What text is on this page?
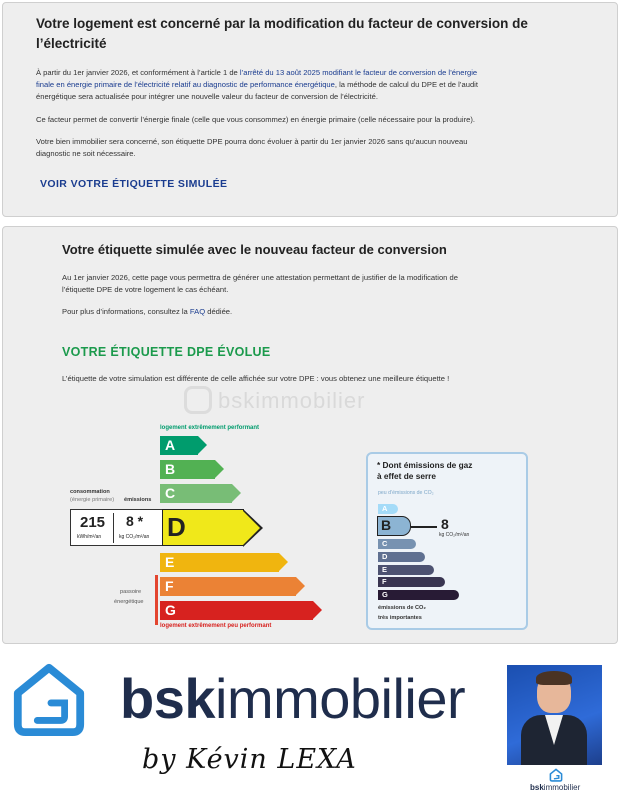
Votre logement est concerné par la modification du facteur de conversion de
l’électricité
À partir du 1er janvier 2026, et conformément à l’article 1 de l’arrêté du 13 août 2025 modifiant le facteur de conversion de l’énergie
finale en énergie primaire de l’électricité relatif au diagnostic de performance énergétique, la méthode de calcul du DPE et de l’audit
énergétique sera actualisée pour intégrer une nouvelle valeur du facteur de conversion de l’électricité.
Ce facteur permet de convertir l’énergie finale (celle que vous consommez) en énergie primaire (celle nécessaire pour la produire).
Votre bien immobilier sera concerné, son étiquette DPE pourra donc évoluer à partir du 1er janvier 2026 sans qu’aucun nouveau
diagnostic ne soit nécessaire.
VOIR VOTRE ÉTIQUETTE SIMULÉE
Votre étiquette simulée avec le nouveau facteur de conversion
Au 1er janvier 2026, cette page vous permettra de générer une attestation permettant de justifier de la modification de
l’étiquette DPE de votre logement le cas échéant.
Pour plus d’informations, consultez la FAQ dédiée.
VOTRE ÉTIQUETTE DPE ÉVOLUE
L’étiquette de votre simulation est différente de celle affichée sur votre DPE : vous obtenez une meilleure étiquette !
bskimmobilier
logement extrêmement performant
A
B
C
consommation
(énergie primaire) émissions
215
kWh/m²/an
8 *
kg CO₂/m²/an D
E
F
G
passoire
énergétique
logement extrêmement peu performant
* Dont émissions de gaz
à effet de serre
peu d’émissions de CO₂
A
B	8
kg CO₂/m²/an
C
D
E
F
G
émissions de CO₂
très importantes
bskimmobilier
by Kévin LEXA
bskimmobilier
